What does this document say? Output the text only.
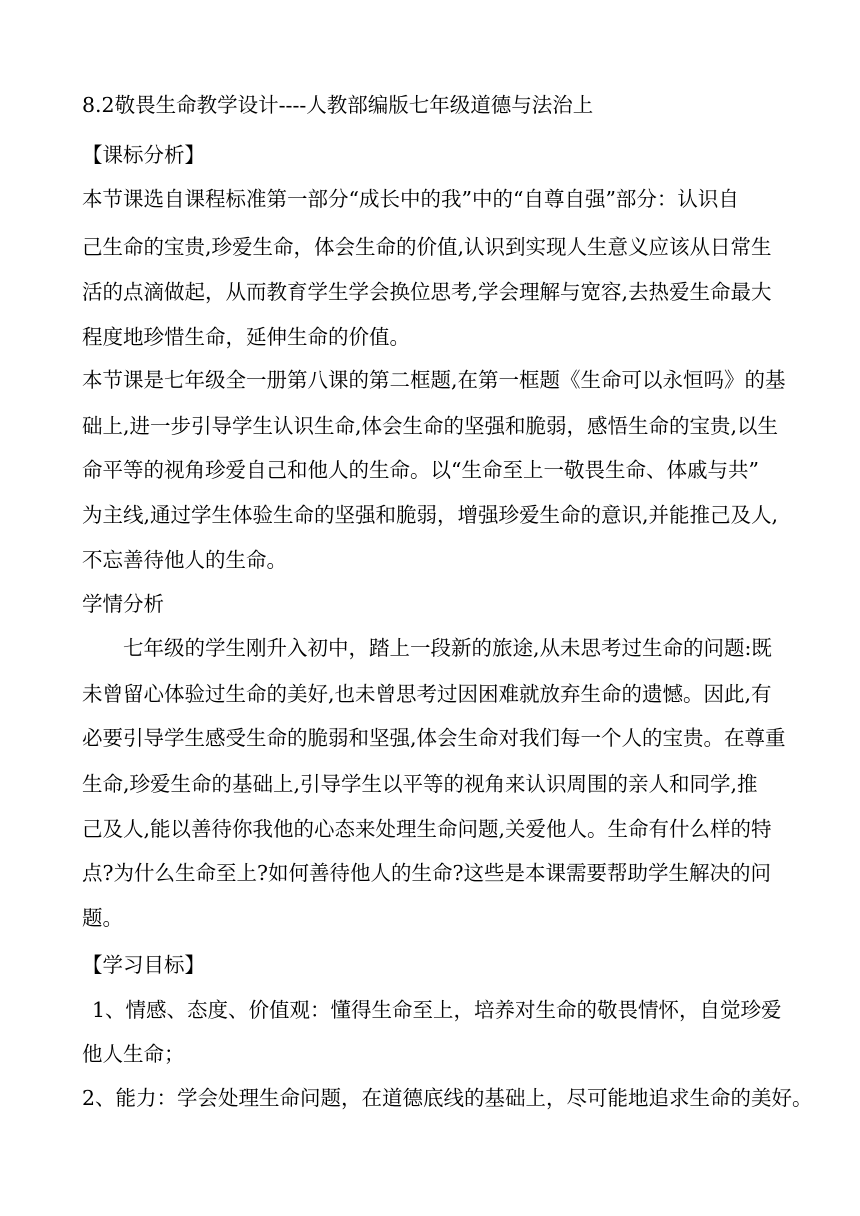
8.2敬畏生命教学设计----人教部编版七年级道德与法治上
【课标分析】
本节课选自课程标准第一部分“成长中的我”中的“自尊自强”部分：认识自
己生命的宝贵,珍爱生命，体会生命的价值,认识到实现人生意义应该从日常生
活的点滴做起，从而教育学生学会换位思考,学会理解与宽容,去热爱生命最大
程度地珍惜生命，延伸生命的价值。
本节课是七年级全一册第八课的第二框题,在第一框题《生命可以永恒吗》的基
础上,进一步引导学生认识生命,体会生命的坚强和脆弱，感悟生命的宝贵,以生
命平等的视角珍爱自己和他人的生命。以“生命至上一敬畏生命、体戚与共”
为主线,通过学生体验生命的坚强和脆弱，增强珍爱生命的意识,并能推己及人,
不忘善待他人的生命。
学情分析
七年级的学生刚升入初中，踏上一段新的旅途,从未思考过生命的问题:既
未曾留心体验过生命的美好,也未曾思考过因困难就放弃生命的遗憾。因此,有
必要引导学生感受生命的脆弱和坚强,体会生命对我们每一个人的宝贵。在尊重
生命,珍爱生命的基础上,引导学生以平等的视角来认识周围的亲人和同学,推
己及人,能以善待你我他的心态来处理生命问题,关爱他人。生命有什么样的特
点?为什么生命至上?如何善待他人的生命?这些是本课需要帮助学生解决的问
题。
【学习目标】
1、情感、态度、价值观：懂得生命至上，培养对生命的敬畏情怀，自觉珍爱
他人生命；
2、能力：学会处理生命问题，在道德底线的基础上，尽可能地追求生命的美好。
